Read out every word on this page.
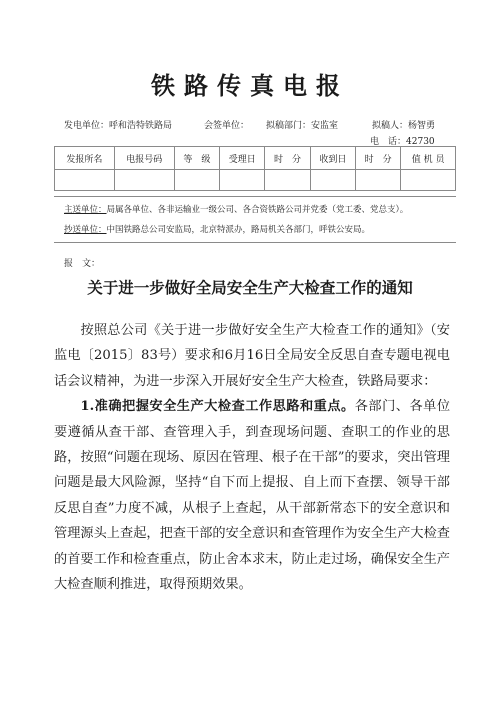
铁路传真电报
发电单位：呼和浩特铁路局	会签单位： 拟稿部门：安监室	拟稿人：杨智勇
电　话：42730
发报所名	电报号码	等　级	受理日	时　分	收到日	时　分	值 机 员

主送单位：局属各单位、各非运输业一级公司、各合资铁路公司并党委（党工委、党总支）。
抄送单位：中国铁路总公司安监局，北京特派办，路局机关各部门，呼铁公安局。
报　文：
关于进一步做好全局安全生产大检查工作的通知

按照总公司《关于进一步做好安全生产大检查工作的通知》（安监电〔2015〕83号）要求和6月16日全局安全反思自查专题电视电话会议精神，为进一步深入开展好安全生产大检查，铁路局要求：

1.准确把握安全生产大检查工作思路和重点。各部门、各单位要遵循从查干部、查管理入手，到查现场问题、查职工的作业的思路，按照“问题在现场、原因在管理、根子在干部”的要求，突出管理问题是最大风险源，坚持“自下而上提报、自上而下查摆、领导干部反思自查”力度不减，从根子上查起，从干部新常态下的安全意识和管理源头上查起，把查干部的安全意识和查管理作为安全生产大检查的首要工作和检查重点，防止舍本求末，防止走过场，确保安全生产大检查顺利推进，取得预期效果。
